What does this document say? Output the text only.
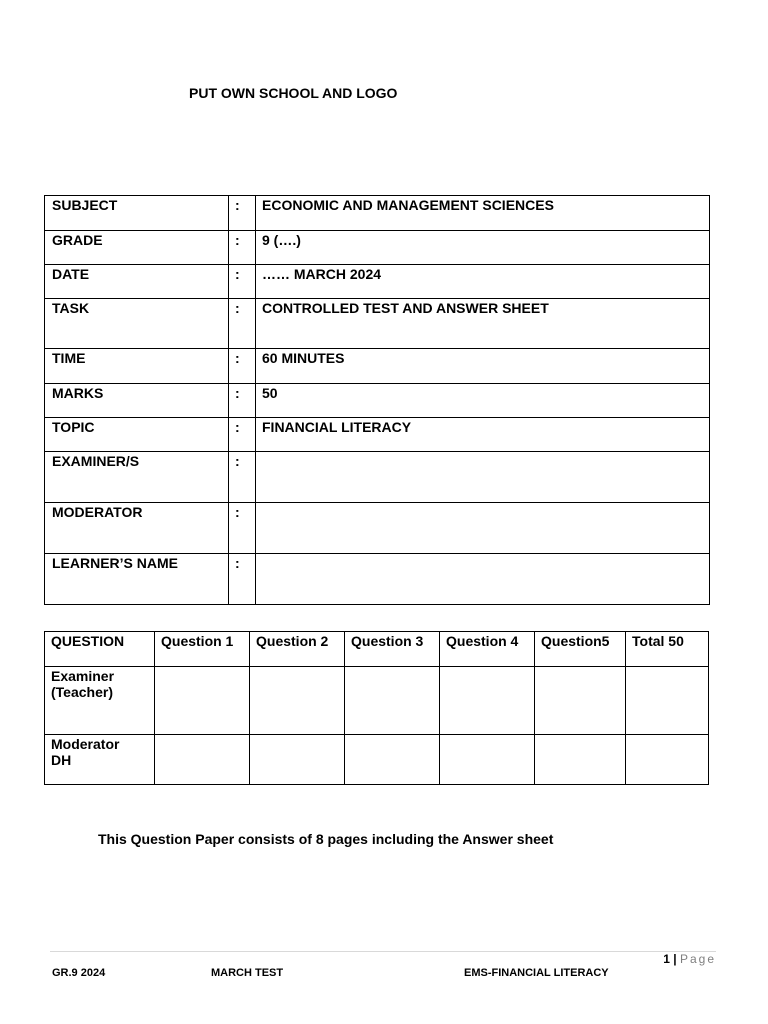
PUT OWN SCHOOL AND LOGO
SUBJECT	:	ECONOMIC AND MANAGEMENT SCIENCES
GRADE	:	9 (….)
DATE	:	…… MARCH 2024
TASK	:	CONTROLLED TEST AND ANSWER SHEET
TIME	:	60 MINUTES
MARKS	:	50
TOPIC	:	FINANCIAL LITERACY
EXAMINER/S	:	
MODERATOR	:	
LEARNER’S NAME	:	
QUESTION	Question 1	Question 2	Question 3	Question 4	Question5	Total 50

Examiner
(Teacher)						

Moderator
DH						

This Question Paper consists of 8 pages including the Answer sheet
1 | Page
GR.9 2024	MARCH TEST	EMS-FINANCIAL LITERACY
